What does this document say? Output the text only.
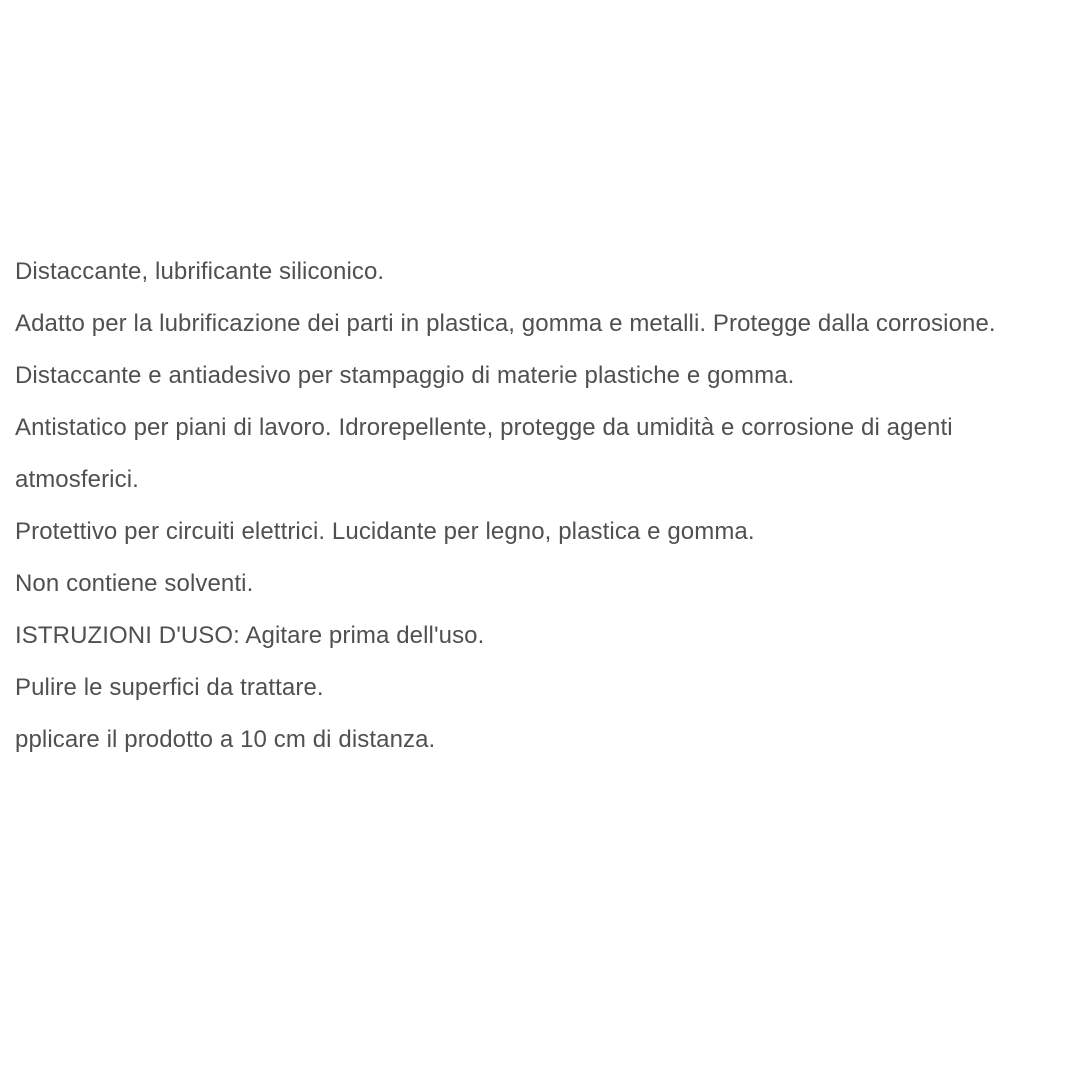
Distaccante, lubrificante siliconico.

Adatto per la lubrificazione dei parti in plastica, gomma e metalli. Protegge dalla corrosione.

Distaccante e antiadesivo per stampaggio di materie plastiche e gomma.

Antistatico per piani di lavoro. Idrorepellente, protegge da umidità e corrosione di agenti atmosferici.

Protettivo per circuiti elettrici. Lucidante per legno, plastica e gomma.

Non contiene solventi.

ISTRUZIONI D'USO: Agitare prima dell'uso.

Pulire le superfici da trattare.

pplicare il prodotto a 10 cm di distanza.
